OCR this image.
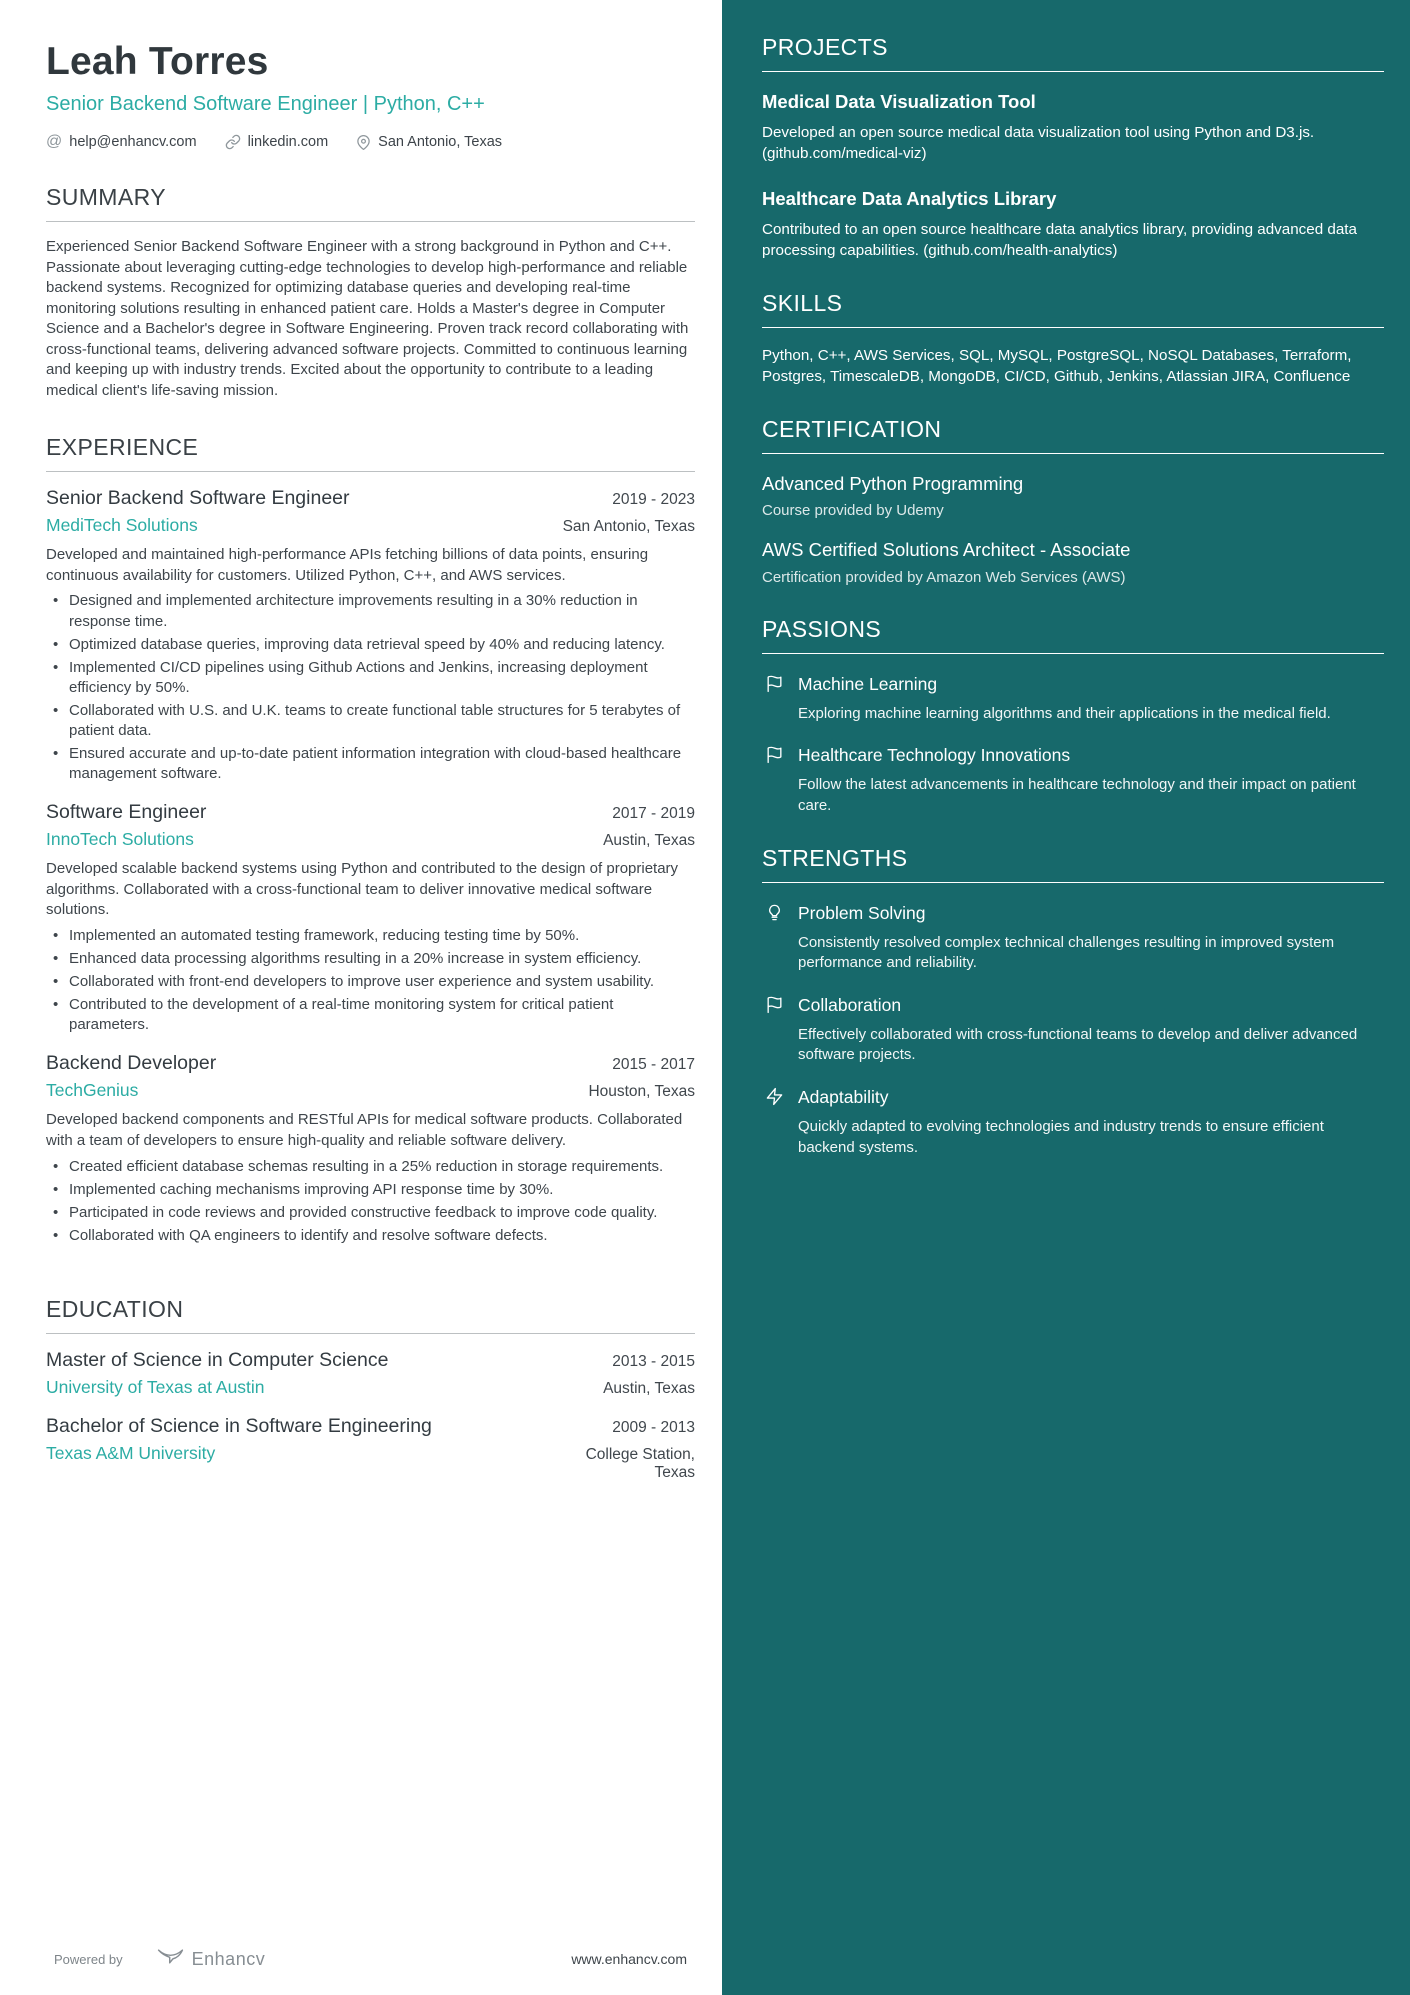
Leah Torres
Senior Backend Software Engineer | Python, C++
@ help@enhancv.com	linkedin.com	San Antonio, Texas
SUMMARY

Experienced Senior Backend Software Engineer with a strong background in Python and C++. Passionate about leveraging cutting-edge technologies to develop high-performance and reliable backend systems. Recognized for optimizing database queries and developing real-time monitoring solutions resulting in enhanced patient care. Holds a Master's degree in Computer Science and a Bachelor's degree in Software Engineering. Proven track record collaborating with cross-functional teams, delivering advanced software projects. Committed to continuous learning and keeping up with industry trends. Excited about the opportunity to contribute to a leading medical client's life-saving mission.

EXPERIENCE
Senior Backend Software Engineer	2019 - 2023
MediTech Solutions	San Antonio, Texas

Developed and maintained high-performance APIs fetching billions of data points, ensuring continuous availability for customers. Utilized Python, C++, and AWS services.

• Designed and implemented architecture improvements resulting in a 30% reduction in response time.
• Optimized database queries, improving data retrieval speed by 40% and reducing latency.
• Implemented CI/CD pipelines using Github Actions and Jenkins, increasing deployment efficiency by 50%.
• Collaborated with U.S. and U.K. teams to create functional table structures for 5 terabytes of patient data.
• Ensured accurate and up-to-date patient information integration with cloud-based healthcare management software.
Software Engineer	2017 - 2019
InnoTech Solutions	Austin, Texas

Developed scalable backend systems using Python and contributed to the design of proprietary algorithms. Collaborated with a cross-functional team to deliver innovative medical software solutions.

• Implemented an automated testing framework, reducing testing time by 50%.
• Enhanced data processing algorithms resulting in a 20% increase in system efficiency.
• Collaborated with front-end developers to improve user experience and system usability.
• Contributed to the development of a real-time monitoring system for critical patient parameters.
Backend Developer	2015 - 2017
TechGenius	Houston, Texas

Developed backend components and RESTful APIs for medical software products. Collaborated with a team of developers to ensure high-quality and reliable software delivery.

• Created efficient database schemas resulting in a 25% reduction in storage requirements.
• Implemented caching mechanisms improving API response time by 30%.
• Participated in code reviews and provided constructive feedback to improve code quality.
• Collaborated with QA engineers to identify and resolve software defects.
EDUCATION
Master of Science in Computer Science	2013 - 2015
University of Texas at Austin	Austin, Texas
Bachelor of Science in Software Engineering	2009 - 2013
Texas A&M University	College Station, Texas
Powered by	Enhancv	www.enhancv.com
PROJECTS
Medical Data Visualization Tool

Developed an open source medical data visualization tool using Python and D3.js. (github.com/medical-viz)

Healthcare Data Analytics Library

Contributed to an open source healthcare data analytics library, providing advanced data processing capabilities. (github.com/health-analytics)

SKILLS

Python, C++, AWS Services, SQL, MySQL, PostgreSQL, NoSQL Databases, Terraform, Postgres, TimescaleDB, MongoDB, CI/CD, Github, Jenkins, Atlassian JIRA, Confluence

CERTIFICATION
Advanced Python Programming

Course provided by Udemy

AWS Certified Solutions Architect - Associate

Certification provided by Amazon Web Services (AWS)

PASSIONS
Machine Learning

Exploring machine learning algorithms and their applications in the medical field.

Healthcare Technology Innovations

Follow the latest advancements in healthcare technology and their impact on patient care.

STRENGTHS
Problem Solving

Consistently resolved complex technical challenges resulting in improved system performance and reliability.

Collaboration

Effectively collaborated with cross-functional teams to develop and deliver advanced software projects.

Adaptability

Quickly adapted to evolving technologies and industry trends to ensure efficient backend systems.
